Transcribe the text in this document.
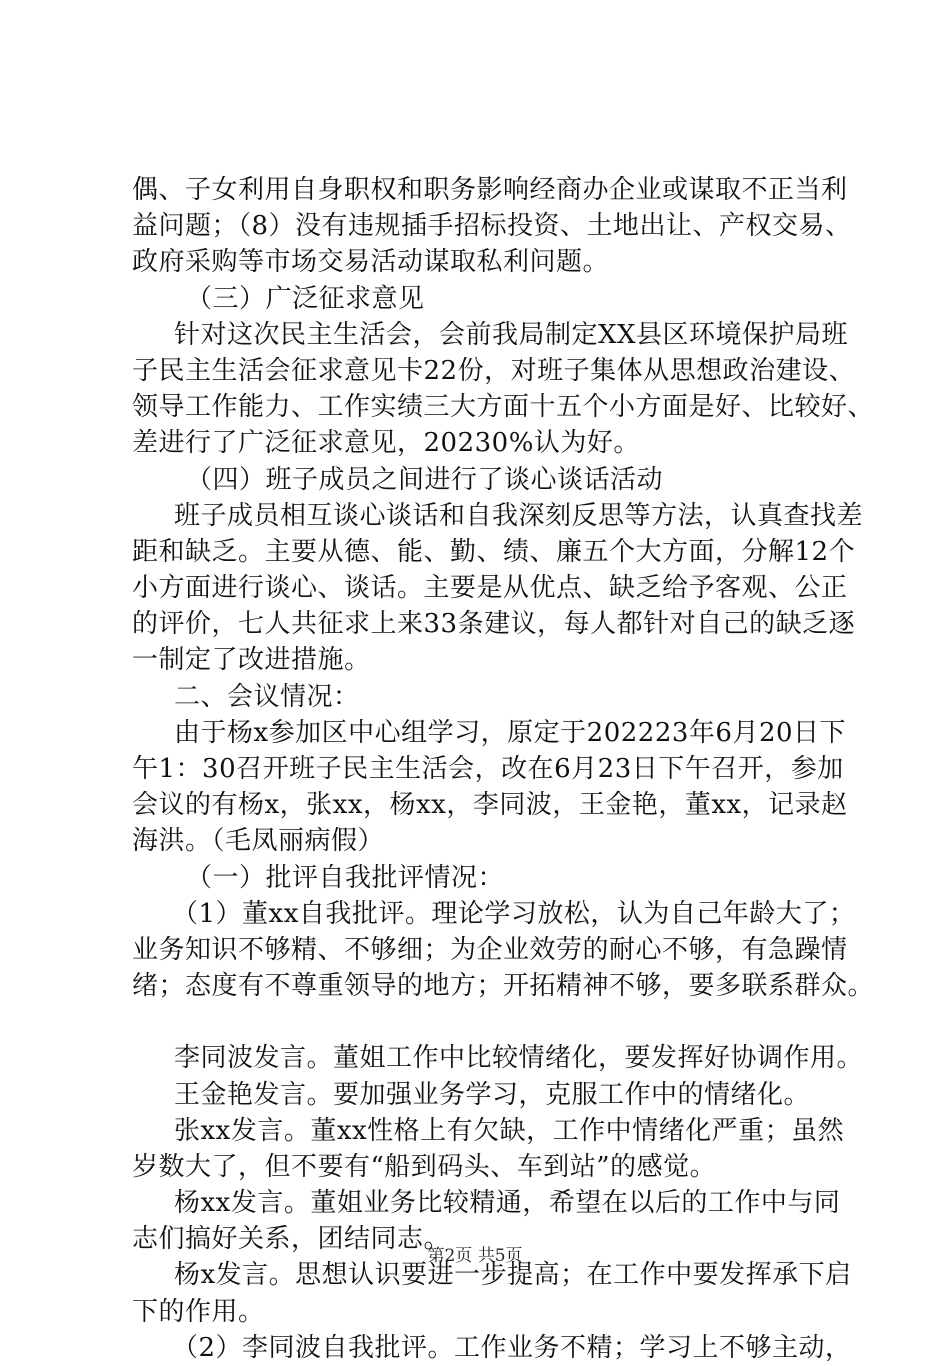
偶、子女利用自身职权和职务影响经商办企业或谋取不正当利
益问题；（8）没有违规插手招标投资、土地出让、产权交易、
政府采购等市场交易活动谋取私利问题。
（三）广泛征求意见
针对这次民主生活会，会前我局制定XX县区环境保护局班
子民主生活会征求意见卡22份，对班子集体从思想政治建设、
领导工作能力、工作实绩三大方面十五个小方面是好、比较好、
差进行了广泛征求意见，20230%认为好。
（四）班子成员之间进行了谈心谈话活动
班子成员相互谈心谈话和自我深刻反思等方法，认真查找差
距和缺乏。主要从德、能、勤、绩、廉五个大方面，分解12个
小方面进行谈心、谈话。主要是从优点、缺乏给予客观、公正
的评价，七人共征求上来33条建议，每人都针对自己的缺乏逐
一制定了改进措施。
二、会议情况：
由于杨x参加区中心组学习，原定于202223年6月20日下
午1：30召开班子民主生活会，改在6月23日下午召开，参加
会议的有杨x，张xx，杨xx，李同波，王金艳，董xx，记录赵
海洪。（毛凤丽病假）
（一）批评自我批评情况：
（1）董xx自我批评。理论学习放松，认为自己年龄大了；
业务知识不够精、不够细；为企业效劳的耐心不够，有急躁情
绪；态度有不尊重领导的地方；开拓精神不够，要多联系群众。
李同波发言。董姐工作中比较情绪化，要发挥好协调作用。
王金艳发言。要加强业务学习，克服工作中的情绪化。
张xx发言。董xx性格上有欠缺，工作中情绪化严重；虽然
岁数大了，但不要有“船到码头、车到站”的感觉。
杨xx发言。董姐业务比较精通，希望在以后的工作中与同
志们搞好关系，团结同志。
杨x发言。思想认识要进一步提高；在工作中要发挥承下启
下的作用。
（2）李同波自我批评。工作业务不精；学习上不够主动，
第2页 共5页
